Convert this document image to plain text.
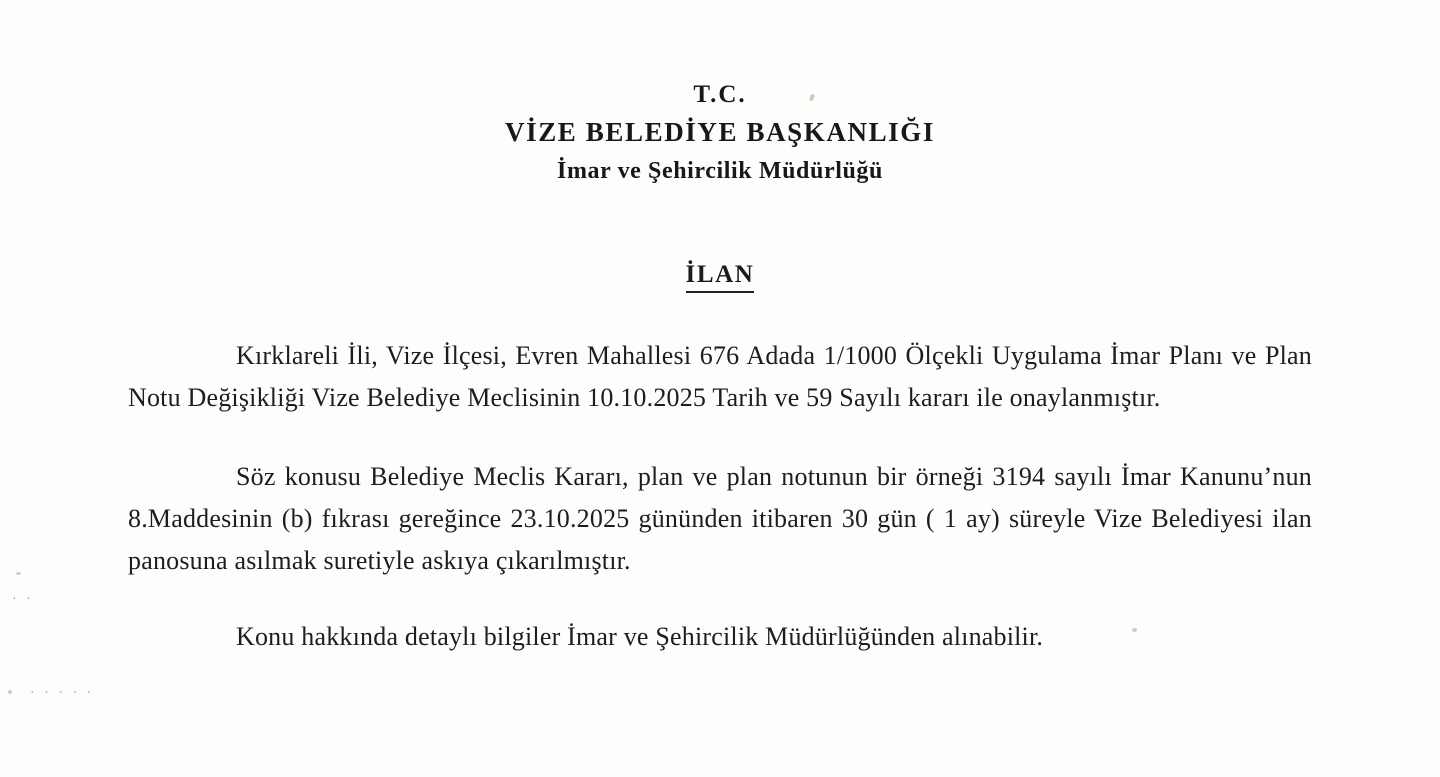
· ·
· · · · ·
T.C.
VİZE BELEDİYE BAŞKANLIĞI
İmar ve Şehircilik Müdürlüğü
İLAN

Kırklareli İli, Vize İlçesi, Evren Mahallesi 676 Adada 1/1000 Ölçekli Uygulama İmar Planı ve Plan Notu Değişikliği Vize Belediye Meclisinin 10.10.2025 Tarih ve 59 Sayılı kararı ile onaylanmıştır.

Söz konusu Belediye Meclis Kararı, plan ve plan notunun bir örneği 3194 sayılı İmar Kanunu’nun 8.Maddesinin (b) fıkrası gereğince 23.10.2025 gününden itibaren 30 gün ( 1 ay) süreyle Vize Belediyesi ilan panosuna asılmak suretiyle askıya çıkarılmıştır.

Konu hakkında detaylı bilgiler İmar ve Şehircilik Müdürlüğünden alınabilir.
